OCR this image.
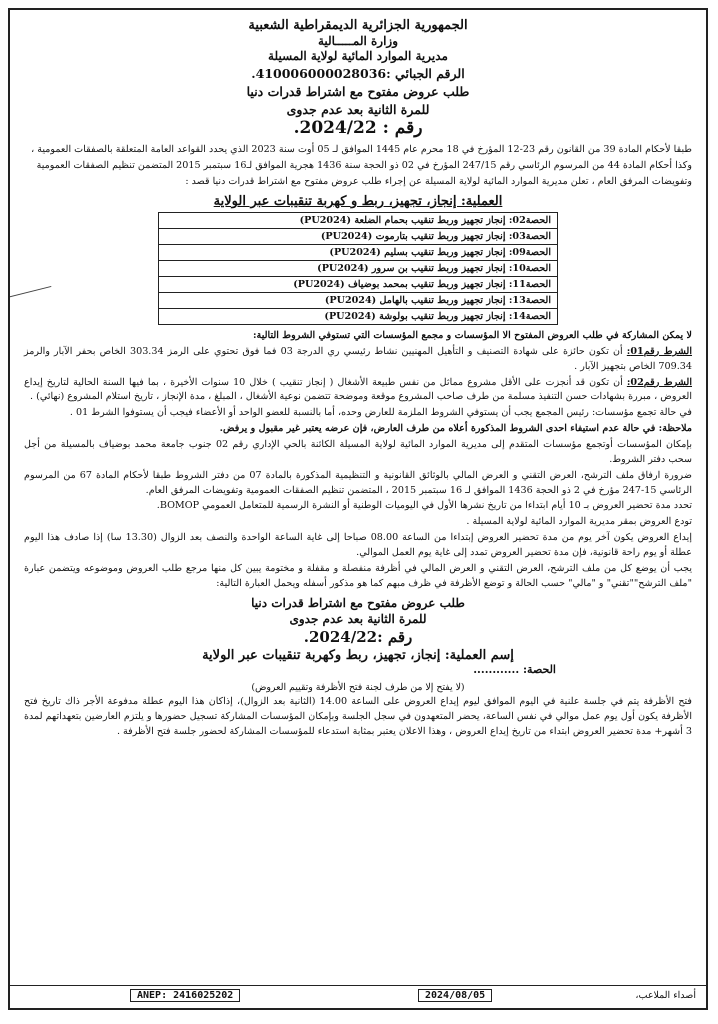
الجمهورية الجزائرية الديمقراطية الشعبية
وزارة المـــــالية
مديرية الموارد المائية لولاية المسيلة
الرقم الجبائي :410006000028036.
طلب عروض مفتوح مع اشتراط قدرات دنيا
للمرة الثانية بعد عدم جدوى
رقم : 2024/22.

طبقا لأحكام المادة 39 من القانون رقم 23-12 المؤرخ في 18 محرم عام 1445 الموافق لـ 05 أوت سنة 2023 الذي يحدد القواعد العامة المتعلقة بالصفقات العمومية ،

وكذا أحكام المادة 44 من المرسوم الرئاسي رقم 247/15 المؤرخ في 02 ذو الحجة سنة 1436 هجرية الموافق لـ16 سبتمبر 2015 المتضمن تنظيم الصفقات العمومية

وتفويضات المرفق العام ، تعلن مديرية الموارد المائية لولاية المسيلة عن إجراء طلب عروض مفتوح مع اشتراط قدرات دنيا قصد :

العملية: إنجاز، تجهيز، ربط و كهربة تنقيبات عبر الولاية
الحصة02: إنجاز تجهيز وربط تنقيب بحمام الضلعة (PU2024)
الحصة03: إنجاز تجهيز وربط تنقيب بتارموت (PU2024)
الحصة09: إنجاز تجهيز وربط تنقيب بسليم (PU2024)
الحصة10: إنجاز تجهيز وربط تنقيب بن سرور (PU2024)
الحصة11: إنجاز تجهيز وربط تنقيب بمحمد بوضياف (PU2024)
الحصة13: إنجاز تجهيز وربط تنقيب بالهامل (PU2024)
الحصة14: إنجاز تجهيز وربط تنقيب بولوشة (PU2024)

لا يمكن المشاركة في طلب العروض المفتوح الا المؤسسات و مجمع المؤسسات التي تستوفي الشروط التالية:

الشرط رقم01: أن تكون حائزة على شهادة التصنيف و التأهيل المهنيين نشاط رئيسي ري الدرجة 03 فما فوق تحتوي على الرمز 303.34 الخاص بحفر الآبار والرمز 709.34 الخاص بتجهيز الآبار .

الشرط رقم02: أن تكون قد أنجزت على الأقل مشروع مماثل من نفس طبيعة الأشغال ( إنجاز تنقيب ) خلال 10 سنوات الأخيرة ، بما فيها السنة الحالية لتاريخ إيداع العروض ، مبررة بشهادات حسن التنفيذ مسلمة من طرف صاحب المشروع موقعة وموضحة تتضمن نوعية الأشغال ، المبلغ ، مدة الإنجاز ، تاريخ استلام المشروع (نهائي) .

في حالة تجمع مؤسسات: رئيس المجمع يجب أن يستوفي الشروط الملزمة للعارض وحده، أما بالنسبة للعضو الواحد أو الأعضاء فيجب أن يستوفوا الشرط 01 .

ملاحظة: في حالة عدم استيفاء احدى الشروط المذكورة أعلاه من طرف العارض، فإن عرضه يعتبر غير مقبول و يرفض.

بإمكان المؤسسات أوتجمع مؤسسات المتقدم إلى مديرية الموارد المائية لولاية المسيلة الكائنة بالحي الإداري رقم 02 جنوب جامعة محمد بوضياف بالمسيلة من أجل سحب دفتر الشروط.

ضرورة ارفاق ملف الترشح، العرض التقني و العرض المالي بالوثائق القانونية و التنظيمية المذكورة بالمادة 07 من دفتر الشروط طبقا لأحكام المادة 67 من المرسوم الرئاسي 15-247 مؤرخ في 2 ذو الحجة 1436 الموافق لـ 16 سبتمبر 2015 ، المتضمن تنظيم الصفقات العمومية وتفويضات المرفق العام.

تحدد مدة تحضير العروض بـ 10 أيام ابتداءا من تاريخ نشرها الأول في اليوميات الوطنية أو النشرة الرسمية للمتعامل العمومي BOMOP.

تودع العروض بمقر مديرية الموارد المائية لولاية المسيلة .

إيداع العروض يكون آخر يوم من مدة تحضير العروض إبتداءا من الساعة 08.00 صباحا إلى غاية الساعة الواحدة والنصف بعد الزوال (13.30 سا) إذا صادف هذا اليوم عطلة أو يوم راحة قانونية، فإن مدة تحضير العروض تمدد إلى غاية يوم العمل الموالي.

يجب أن يوضع كل من ملف الترشح، العرض التقني و العرض المالي في أظرفة منفصلة و مقفلة و مختومة يبين كل منها مرجع طلب العروض وموضوعه ويتضمن عبارة "ملف الترشح""تقني" و "مالي" حسب الحالة و توضع الأظرفة في ظرف مبهم كما هو مذكور أسفله ويحمل العبارة التالية:

طلب عروض مفتوح مع اشتراط قدرات دنيا
للمرة الثانية بعد عدم جدوى
رقم :2024/22.
إسم العملية: إنجاز، تجهيز، ربط وكهربة تنقيبات عبر الولاية
الحصة: ............
(لا يفتح إلا من طرف لجنة فتح الأظرفة وتقييم العروض)

فتح الأظرفة يتم في جلسة علنية في اليوم الموافق ليوم إيداع العروض على الساعة 14.00 (الثانية بعد الزوال)، إذاكان هذا اليوم عطلة مدفوعة الأجر ذاك تاريخ فتح الأظرفة يكون أول يوم عمل موالي في نفس الساعة، يحضر المتعهدون في سجل الجلسة وبإمكان المؤسسات المشاركة تسجيل حضورها و يلتزم العارضين بتعهداتهم لمدة 3 أشهر+ مدة تحضير العروض ابتداء من تاريخ إيداع العروض ، وهذا الاعلان يعتبر بمثابة استدعاء للمؤسسات المشاركة لحضور جلسة فتح الأظرفة .

ANEP: 2416025202	2024/08/05	أصداء الملاعب،
